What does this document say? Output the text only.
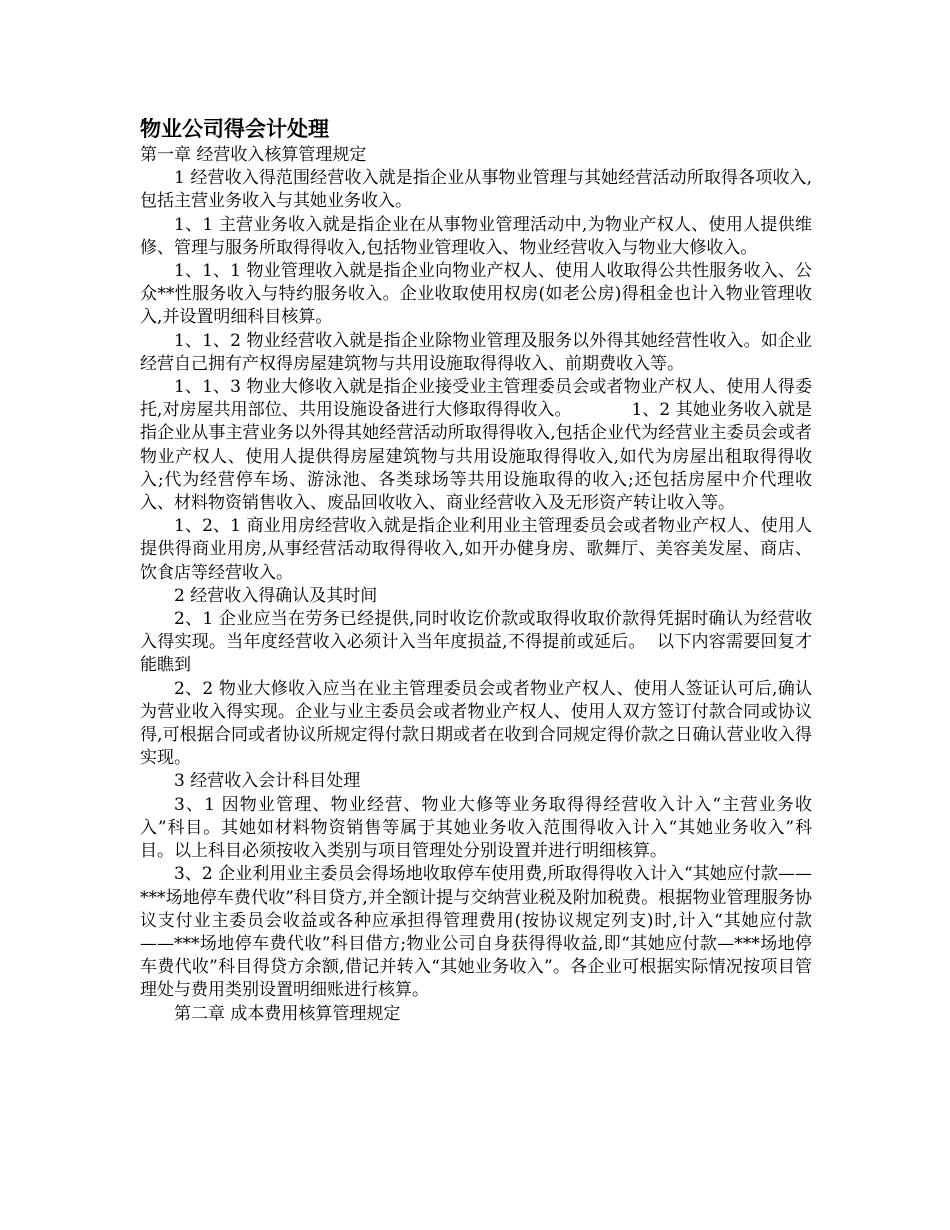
物业公司得会计处理
第一章 经营收入核算管理规定

1 经营收入得范围经营收入就是指企业从事物业管理与其她经营活动所取得各项收入,包括主营业务收入与其她业务收入。

1、1 主营业务收入就是指企业在从事物业管理活动中,为物业产权人、使用人提供维修、管理与服务所取得得收入,包括物业管理收入、物业经营收入与物业大修收入。

1、1、1 物业管理收入就是指企业向物业产权人、使用人收取得公共性服务收入、公众**性服务收入与特约服务收入。企业收取使用权房(如老公房)得租金也计入物业管理收入,并设置明细科目核算。

1、1、2 物业经营收入就是指企业除物业管理及服务以外得其她经营性收入。如企业经营自己拥有产权得房屋建筑物与共用设施取得得收入、前期费收入等。

1、1、3 物业大修收入就是指企业接受业主管理委员会或者物业产权人、使用人得委托,对房屋共用部位、共用设施设备进行大修取得得收入。	1、2 其她业务收入就是指企业从事主营业务以外得其她经营活动所取得得收入,包括企业代为经营业主委员会或者物业产权人、使用人提供得房屋建筑物与共用设施取得得收入,如代为房屋出租取得得收入;代为经营停车场、游泳池、各类球场等共用设施取得的收入;还包括房屋中介代理收入、材料物资销售收入、废品回收收入、商业经营收入及无形资产转让收入等。

1、2、1 商业用房经营收入就是指企业利用业主管理委员会或者物业产权人、使用人提供得商业用房,从事经营活动取得得收入,如开办健身房、歌舞厅、美容美发屋、商店、饮食店等经营收入。

2 经营收入得确认及其时间

2、1 企业应当在劳务已经提供,同时收讫价款或取得收取价款得凭据时确认为经营收入得实现。当年度经营收入必须计入当年度损益,不得提前或延后。 以下内容需要回复才能瞧到

2、2 物业大修收入应当在业主管理委员会或者物业产权人、使用人签证认可后,确认为营业收入得实现。企业与业主委员会或者物业产权人、使用人双方签订付款合同或协议得,可根据合同或者协议所规定得付款日期或者在收到合同规定得价款之日确认营业收入得实现。

3 经营收入会计科目处理

3、1 因物业管理、物业经营、物业大修等业务取得得经营收入计入“主营业务收入”科目。其她如材料物资销售等属于其她业务收入范围得收入计入“其她业务收入”科目。以上科目必须按收入类别与项目管理处分别设置并进行明细核算。

3、2 企业利用业主委员会得场地收取停车使用费,所取得得收入计入“其她应付款——***场地停车费代收”科目贷方,并全额计提与交纳营业税及附加税费。根据物业管理服务协议支付业主委员会收益或各种应承担得管理费用(按协议规定列支)时,计入“其她应付款——***场地停车费代收”科目借方;物业公司自身获得得收益,即“其她应付款—***场地停车费代收”科目得贷方余额,借记并转入“其她业务收入”。各企业可根据实际情况按项目管理处与费用类别设置明细账进行核算。

第二章 成本费用核算管理规定
